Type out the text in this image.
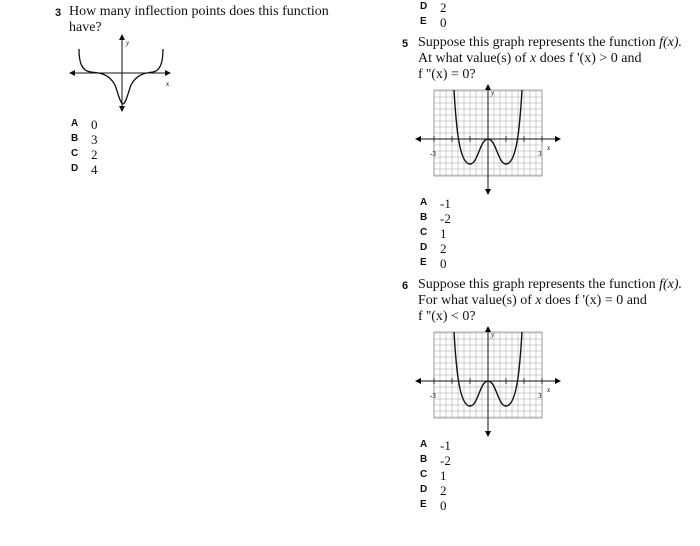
D 2
E 0
3 How many inflection points does this function
have?
y
x
A 0
B 3
C 2
D 4
5 Suppose this graph represents the function f(x).
At what value(s) of x does f '(x) > 0 and
f ''(x) = 0?
y
x
-3	3
A -1
B -2
C 1
D 2
E 0
6 Suppose this graph represents the function f(x).
For what value(s) of x does f '(x) = 0 and
f ''(x) < 0?
y
x
-3	3
A -1
B -2
C 1
D 2
E 0
